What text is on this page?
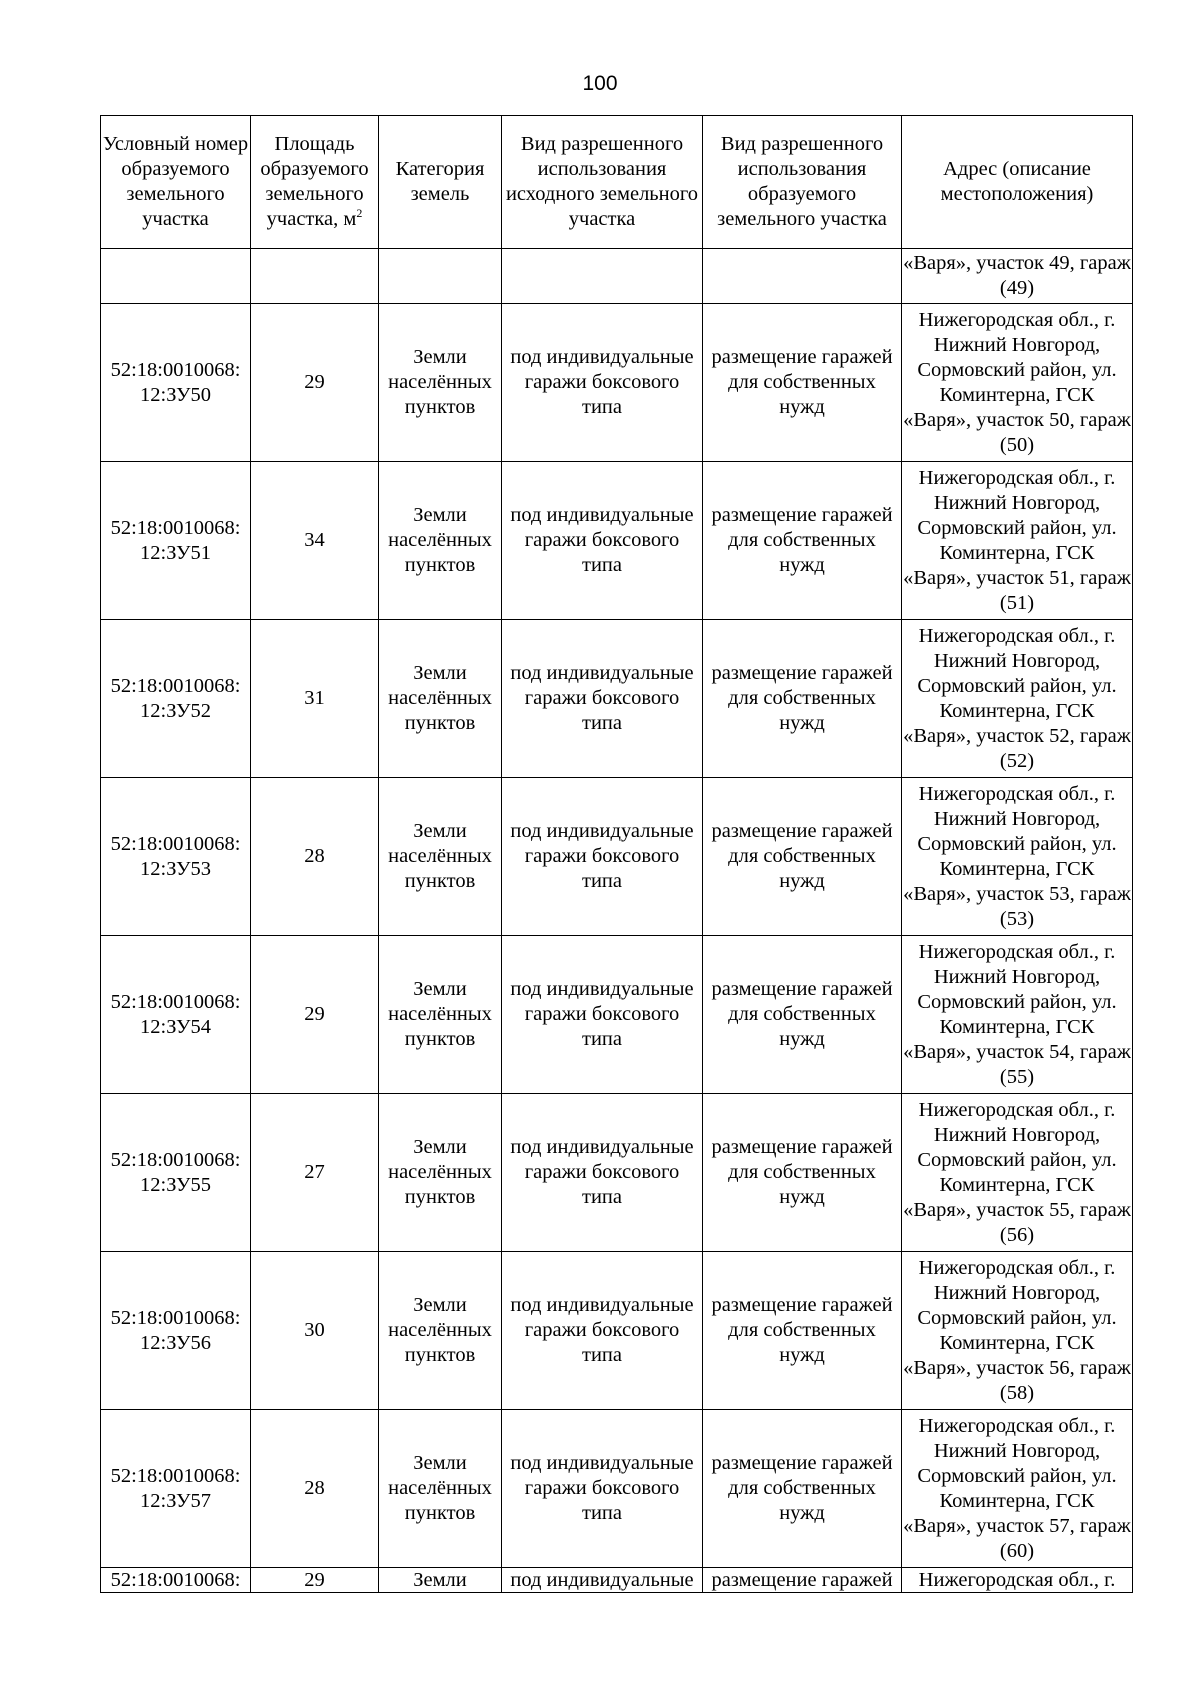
100
Условный номер образуемого земельного участка	Площадь образуемого земельного участка, $м^2$	Категория земель	Вид разрешенного использования исходного земельного участка	Вид разрешенного использования образуемого земельного участка	Адрес (описание местоположения)
					«Варя», участок 49, гараж (49)
52:18:0010068: 12:ЗУ50	29	Земли населённых пунктов	под индивидуальные гаражи боксового типа	размещение гаражей для собственных нужд	Нижегородская обл., г. Нижний Новгород, Сормовский район, ул. Коминтерна, ГСК «Варя», участок 50, гараж (50)
52:18:0010068: 12:ЗУ51	34	Земли населённых пунктов	под индивидуальные гаражи боксового типа	размещение гаражей для собственных нужд	Нижегородская обл., г. Нижний Новгород, Сормовский район, ул. Коминтерна, ГСК «Варя», участок 51, гараж (51)
52:18:0010068: 12:ЗУ52	31	Земли населённых пунктов	под индивидуальные гаражи боксового типа	размещение гаражей для собственных нужд	Нижегородская обл., г. Нижний Новгород, Сормовский район, ул. Коминтерна, ГСК «Варя», участок 52, гараж (52)
52:18:0010068: 12:ЗУ53	28	Земли населённых пунктов	под индивидуальные гаражи боксового типа	размещение гаражей для собственных нужд	Нижегородская обл., г. Нижний Новгород, Сормовский район, ул. Коминтерна, ГСК «Варя», участок 53, гараж (53)
52:18:0010068: 12:ЗУ54	29	Земли населённых пунктов	под индивидуальные гаражи боксового типа	размещение гаражей для собственных нужд	Нижегородская обл., г. Нижний Новгород, Сормовский район, ул. Коминтерна, ГСК «Варя», участок 54, гараж (55)
52:18:0010068: 12:ЗУ55	27	Земли населённых пунктов	под индивидуальные гаражи боксового типа	размещение гаражей для собственных нужд	Нижегородская обл., г. Нижний Новгород, Сормовский район, ул. Коминтерна, ГСК «Варя», участок 55, гараж (56)
52:18:0010068: 12:ЗУ56	30	Земли населённых пунктов	под индивидуальные гаражи боксового типа	размещение гаражей для собственных нужд	Нижегородская обл., г. Нижний Новгород, Сормовский район, ул. Коминтерна, ГСК «Варя», участок 56, гараж (58)
52:18:0010068: 12:ЗУ57	28	Земли населённых пунктов	под индивидуальные гаражи боксового типа	размещение гаражей для собственных нужд	Нижегородская обл., г. Нижний Новгород, Сормовский район, ул. Коминтерна, ГСК «Варя», участок 57, гараж (60)
52:18:0010068:	29	Земли	под индивидуальные	размещение гаражей	Нижегородская обл., г.
